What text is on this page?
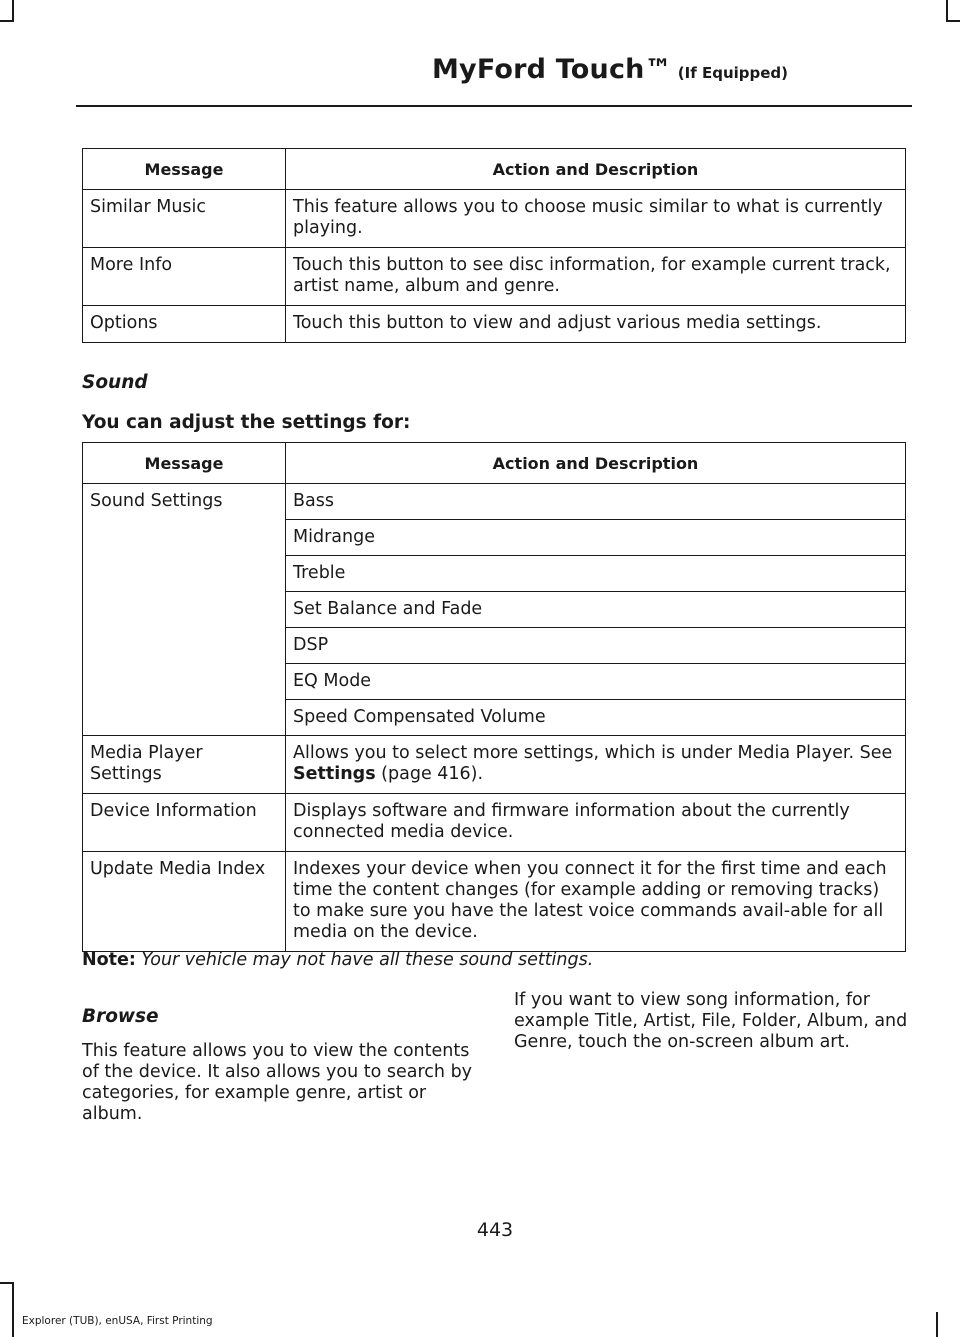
MyFord Touch™ (If Equipped)
Message	Action and Description
Similar Music	This feature allows you to choose music similar to what is currently playing.
More Info	Touch this button to see disc information, for example current track, artist name, album and genre.
Options	Touch this button to view and adjust various media settings.
Sound
You can adjust the settings for:
Message	Action and Description
Sound Settings	Bass
	Midrange
	Treble
	Set Balance and Fade
	DSP
	EQ Mode
	Speed Compensated Volume
Media Player Settings	Allows you to select more settings, which is under Media Player. See Settings (page 416).
Device Information	Displays software and firmware information about the currently connected media device.
Update Media Index	Indexes your device when you connect it for the first time and each time the content changes (for example adding or removing tracks) to make sure you have the latest voice commands avail-able for all media on the device.
Note: Your vehicle may not have all these sound settings.
Browse
This feature allows you to view the contents of the device. It also allows you to search by categories, for example genre, artist or album.
If you want to view song information, for example Title, Artist, File, Folder, Album, and Genre, touch the on-screen album art.
443
Explorer (TUB), enUSA, First Printing
